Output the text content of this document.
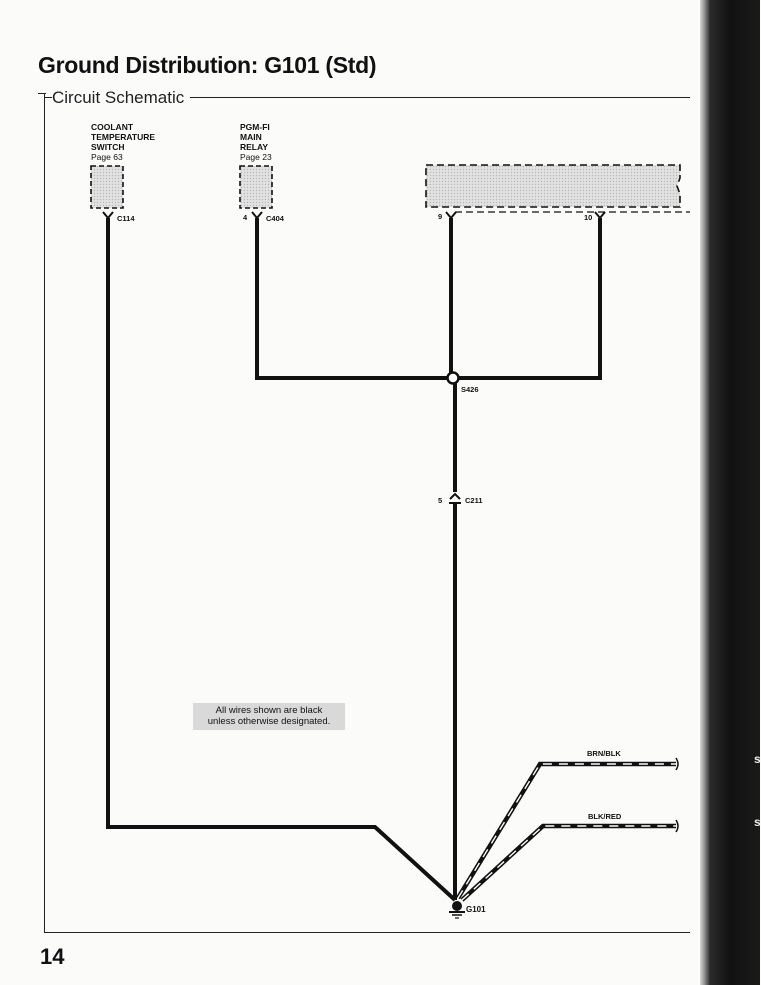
s
s
Ground Distribution: G101 (Std)
Circuit Schematic
COOLANT
TEMPERATURE
SWITCH
Page 63
PGM-FI
MAIN
RELAY
Page 23
C114	4	C404	9	10
S426
5	C211
BRN/BLK
BLK/RED
G101
All wires shown are black
unless otherwise designated.
14
